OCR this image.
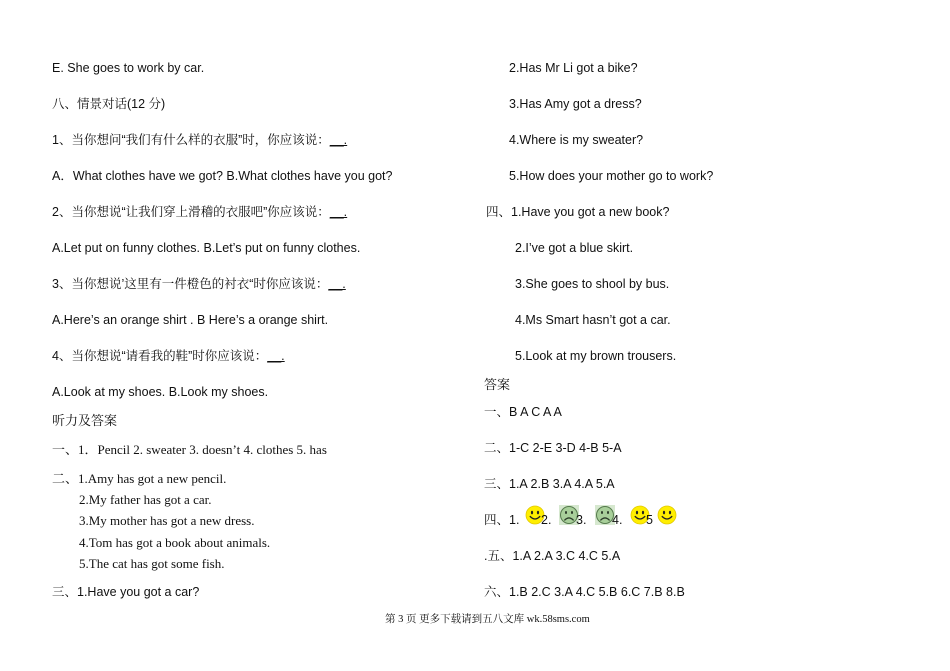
E. She goes to work by car.
八、情景对话(12 分)
1、当你想问“我们有什么样的衣服”时，你应该说：__.
A．What clothes have we got? B.What clothes have you got?
2、当你想说“让我们穿上滑稽的衣服吧”你应该说：__.
A.Let put on funny clothes. B.Let’s put on funny clothes.
3、当你想说’这里有一件橙色的衬衣“时你应该说：__.
A.Here’s an orange shirt . B Here’s a orange shirt.
4、当你想说“请看我的鞋”时你应该说：__.
A.Look at my shoes. B.Look my shoes.
听力及答案
一、1．Pencil 2. sweater 3. doesn’t 4. clothes 5. has
二、1.Amy has got a new pencil.
2.My father has got a car.
3.My mother has got a new dress.
4.Tom has got a book about animals.
5.The cat has got some fish.
三、1.Have you got a car?
2.Has Mr Li got a bike?
3.Has Amy got a dress?
4.Where is my sweater?
5.How does your mother go to work?
四、1.Have you got a new book?
2.I’ve got a blue skirt.
3.She goes to shool by bus.
4.Ms Smart hasn’t got a car.
5.Look at my brown trousers.
答案
一、B A C A A
二、1-C 2-E 3-D 4-B 5-A
三、1.A 2.B 3.A 4.A 5.A
四、1. 2. 3. 4. 5
.五、1.A 2.A 3.C 4.C 5.A
六、1.B 2.C 3.A 4.C 5.B 6.C 7.B 8.B
第 3 页 更多下载请到五八文库 wk.58sms.com
